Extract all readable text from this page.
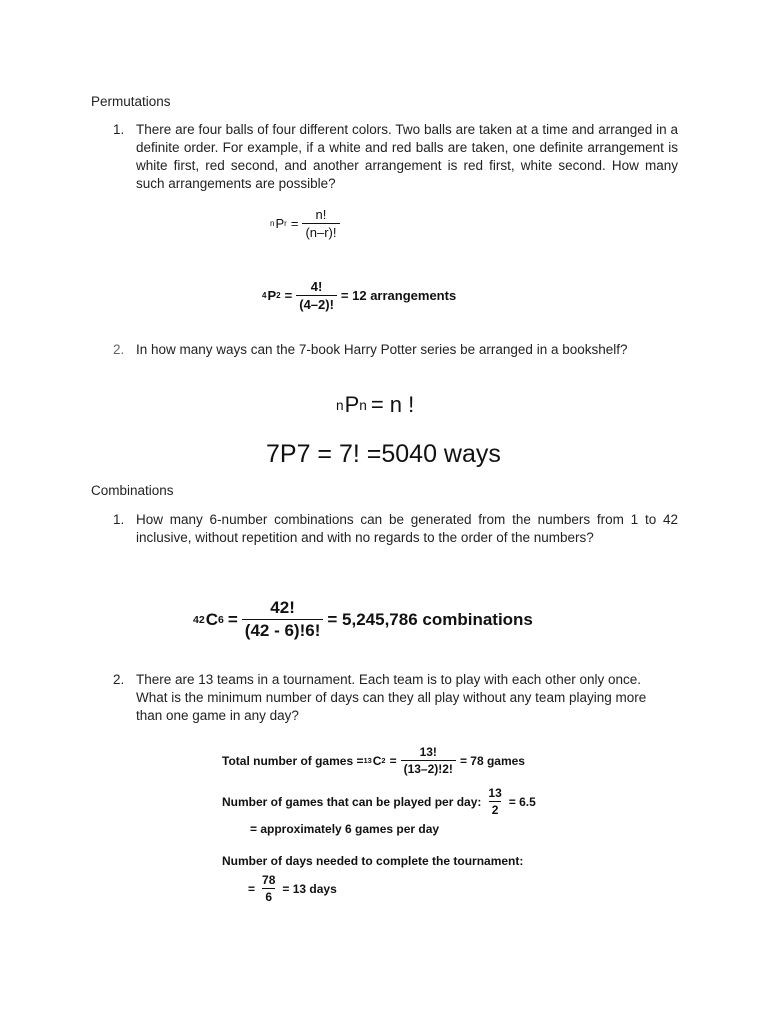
Permutations
1. There are four balls of four different colors. Two balls are taken at a time and arranged in a definite order. For example, if a white and red balls are taken, one definite arrangement is white first, red second, and another arrangement is red first, white second. How many such arrangements are possible?
n P $r = \frac{n!}{(n-r)!}$
4 P $2 = \frac{4!}{(4-2)!} = 12$ arrangements
2. In how many ways can the 7-book Harry Potter series be arranged in a bookshelf?
n P n = n !
7P7 = 7! =5040 ways
Combinations
1. How many 6-number combinations can be generated from the numbers from 1 to 42 inclusive, without repetition and with no regards to the order of the numbers?
42 C $6 = \frac{42!}{(42 - 6)!6!} = 5,245,786$ combinations
2. There are 13 teams in a tournament. Each team is to play with each other only once. What is the minimum number of days can they all play without any team playing more than one game in any day?
Total number of games = 13 C $2 = \frac{13!}{(13-2)!2!} = 78$ games
Number of games that can be played per day: $\frac{13}{2} = 6.5$
= approximately 6 games per day
Number of days needed to complete the tournament:
= $\frac{78}{6} = 13$ days
